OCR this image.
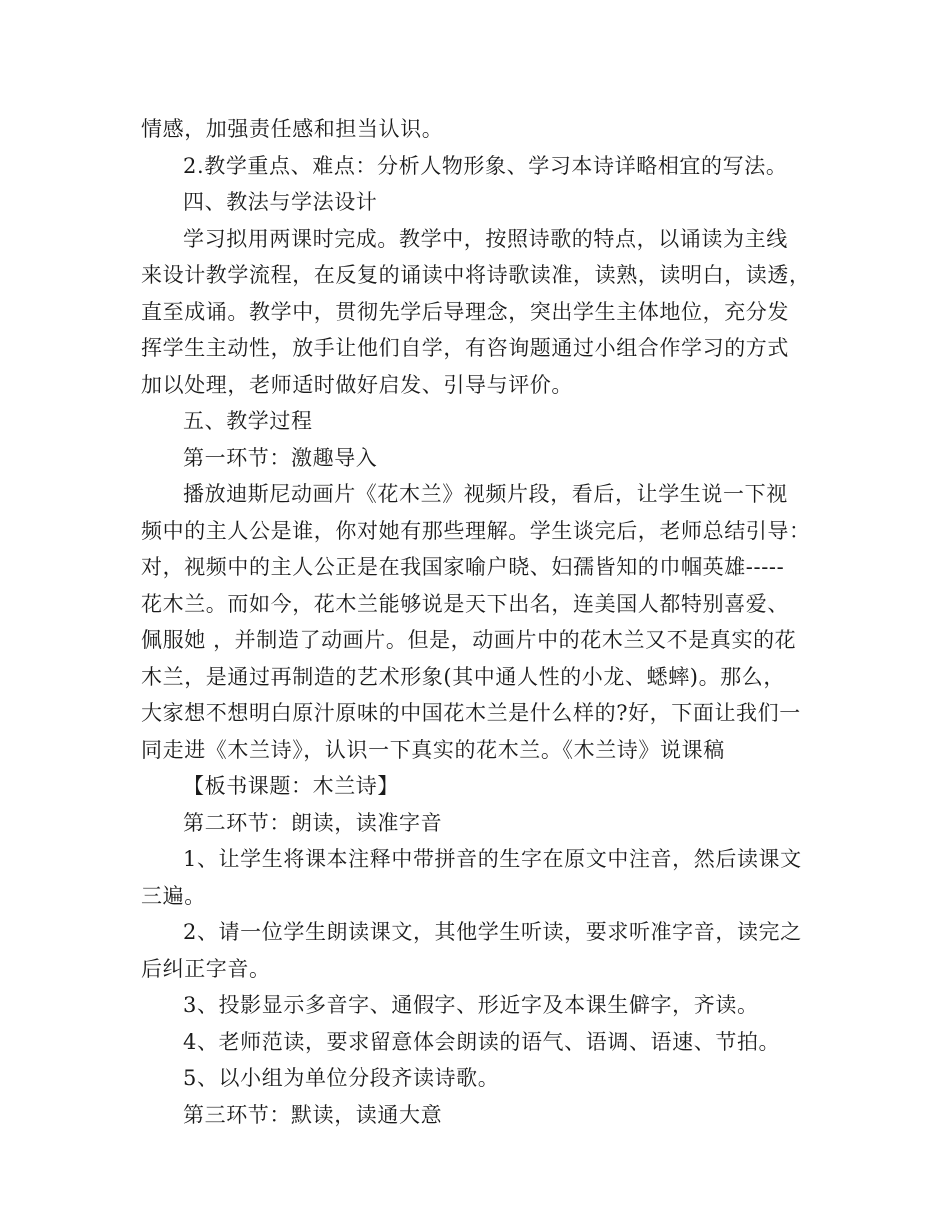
情感，加强责任感和担当认识。
2.教学重点、难点：分析人物形象、学习本诗详略相宜的写法。
四、教法与学法设计
学习拟用两课时完成。教学中，按照诗歌的特点，以诵读为主线
来设计教学流程，在反复的诵读中将诗歌读准，读熟，读明白，读透，
直至成诵。教学中，贯彻先学后导理念，突出学生主体地位，充分发
挥学生主动性，放手让他们自学，有咨询题通过小组合作学习的方式
加以处理，老师适时做好启发、引导与评价。
五、教学过程
第一环节：激趣导入
播放迪斯尼动画片《花木兰》视频片段，看后，让学生说一下视
频中的主人公是谁，你对她有那些理解。学生谈完后，老师总结引导：
对，视频中的主人公正是在我国家喻户晓、妇孺皆知的巾帼英雄-----
花木兰。而如今，花木兰能够说是天下出名，连美国人都特别喜爱、
佩服她 ，并制造了动画片。但是，动画片中的花木兰又不是真实的花
木兰，是通过再制造的艺术形象(其中通人性的小龙、蟋蟀)。那么，
大家想不想明白原汁原味的中国花木兰是什么样的?好，下面让我们一
同走进《木兰诗》，认识一下真实的花木兰。《木兰诗》说课稿
【板书课题：木兰诗】
第二环节：朗读，读准字音
1、让学生将课本注释中带拼音的生字在原文中注音，然后读课文
三遍。
2、请一位学生朗读课文，其他学生听读，要求听准字音，读完之
后纠正字音。
3、投影显示多音字、通假字、形近字及本课生僻字，齐读。
4、老师范读，要求留意体会朗读的语气、语调、语速、节拍。
5、以小组为单位分段齐读诗歌。
第三环节：默读，读通大意
